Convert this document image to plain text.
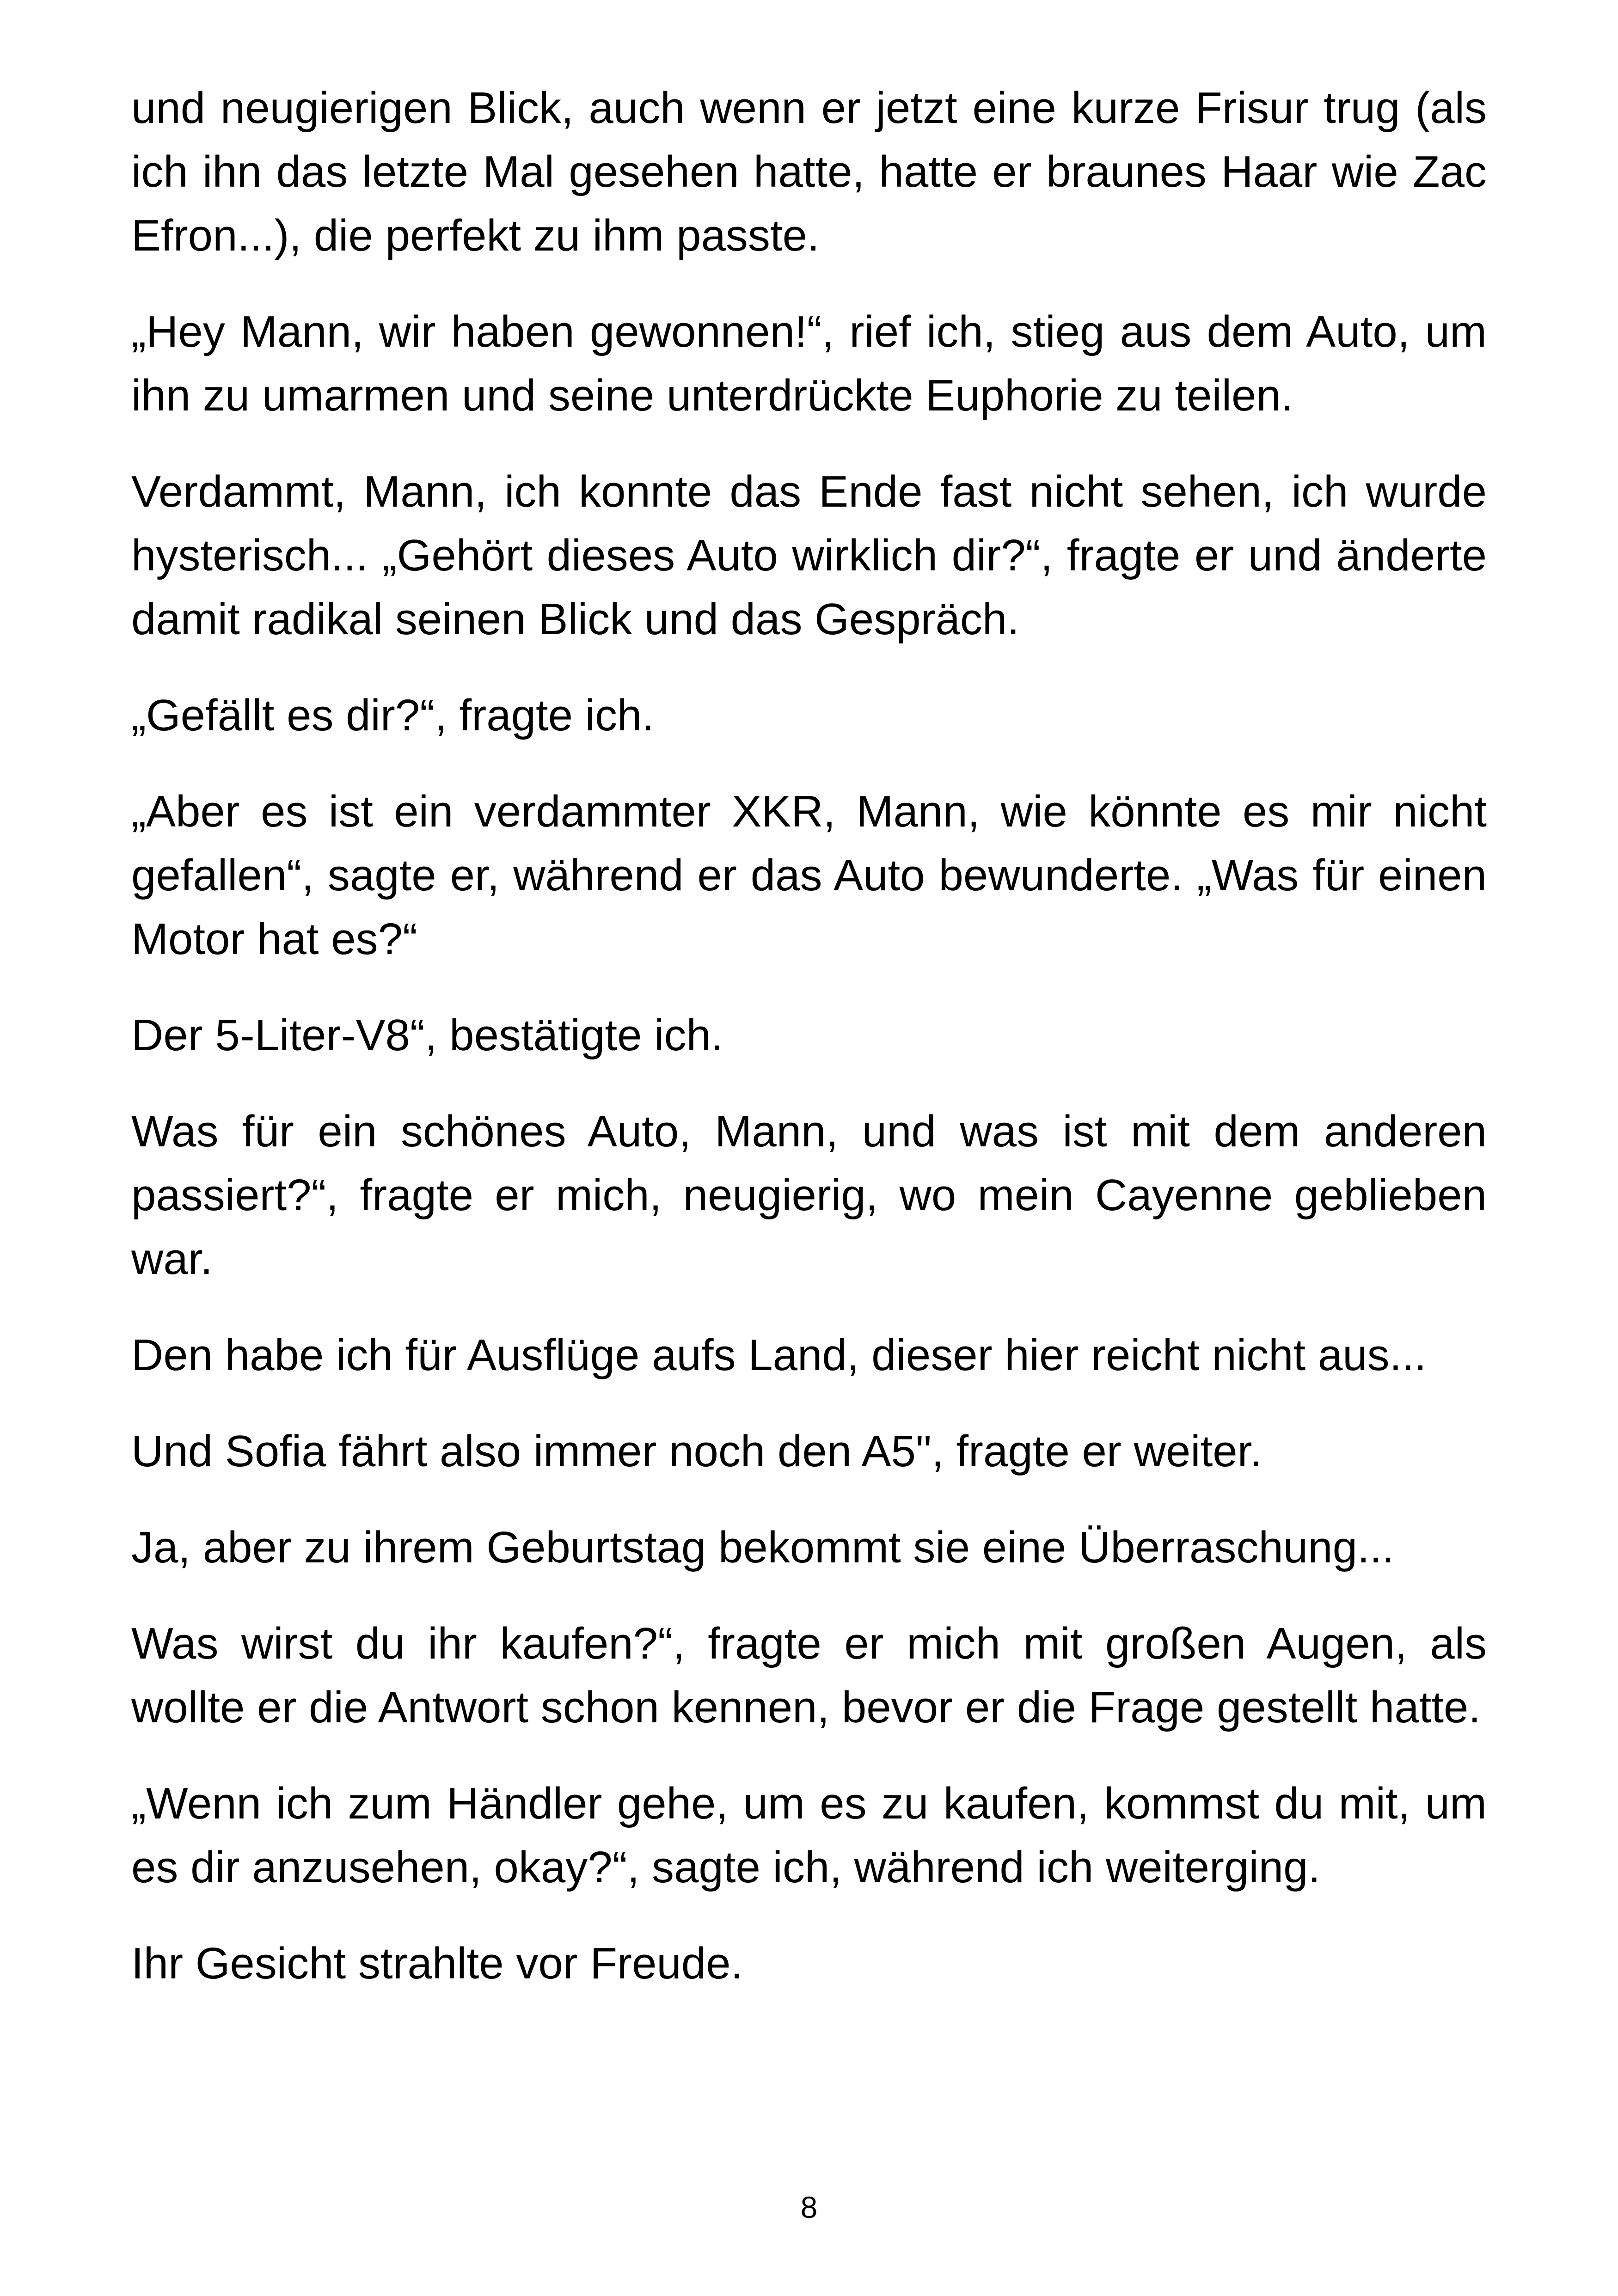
und neugierigen Blick, auch wenn er jetzt eine kurze Frisur trug (als ich ihn das letzte Mal gesehen hatte, hatte er braunes Haar wie Zac Efron...), die perfekt zu ihm passte.

„Hey Mann, wir haben gewonnen!“, rief ich, stieg aus dem Auto, um ihn zu umarmen und seine unterdrückte Euphorie zu teilen.

Verdammt, Mann, ich konnte das Ende fast nicht sehen, ich wurde hysterisch... „Gehört dieses Auto wirklich dir?“, fragte er und änderte damit radikal seinen Blick und das Gespräch.

„Gefällt es dir?“, fragte ich.

„Aber es ist ein verdammter XKR, Mann, wie könnte es mir nicht gefallen“, sagte er, während er das Auto bewunderte. „Was für einen Motor hat es?“

Der 5-Liter-V8“, bestätigte ich.

Was für ein schönes Auto, Mann, und was ist mit dem anderen passiert?“, fragte er mich, neugierig, wo mein Cayenne geblieben war.

Den habe ich für Ausflüge aufs Land, dieser hier reicht nicht aus...

Und Sofia fährt also immer noch den A5", fragte er weiter.

Ja, aber zu ihrem Geburtstag bekommt sie eine Überraschung...

Was wirst du ihr kaufen?“, fragte er mich mit großen Augen, als wollte er die Antwort schon kennen, bevor er die Frage gestellt hatte.

„Wenn ich zum Händler gehe, um es zu kaufen, kommst du mit, um es dir anzusehen, okay?“, sagte ich, während ich weiterging.

Ihr Gesicht strahlte vor Freude.

8
